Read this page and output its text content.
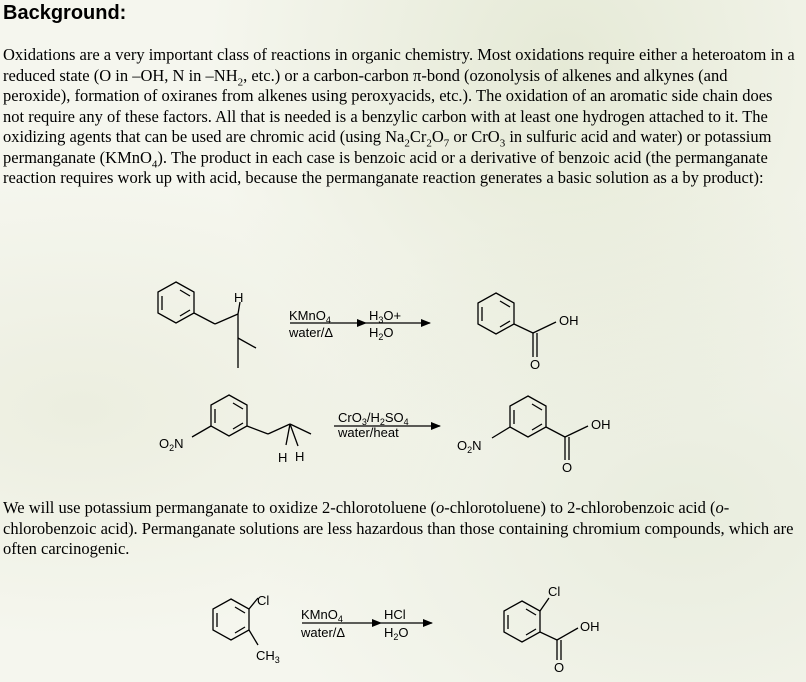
Background:

Oxidations are a very important class of reactions in organic chemistry. Most oxidations require either a heteroatom in a reduced state (O in –OH, N in $-NH_2$, etc.) or a carbon-carbon π-bond (ozonolysis of alkenes and alkynes (and peroxide), formation of oxiranes from alkenes using peroxyacids, etc.). The oxidation of an aromatic side chain does not require any of these factors. All that is needed is a benzylic carbon with at least one hydrogen attached to it. The oxidizing agents that can be used are chromic acid (using $Na_2Cr_2O_7$ or CrO$_3$ in sulfuric acid and water) or potassium permanganate (KMnO$_4$). The product in each case is benzoic acid or a derivative of benzoic acid (the permanganate reaction requires work up with acid, because the permanganate reaction generates a basic solution as a by product):

We will use potassium permanganate to oxidize 2-chlorotoluene (o-chlorotoluene) to 2-chlorobenzoic acid (o-chlorobenzoic acid). Permanganate solutions are less hazardous than those containing chromium compounds, which are often carcinogenic.

H
KMnO$_4$
water/Δ
$H_3O+$
$H_2O$
OH
O
$O_2N$
H H
$CrO_3/H_2SO_4$
water/heat
$O_2N$
OH
O
Cl
$CH_3$
KMnO$_4$
water/Δ
HCl
$H_2O$
Cl
OH
O
